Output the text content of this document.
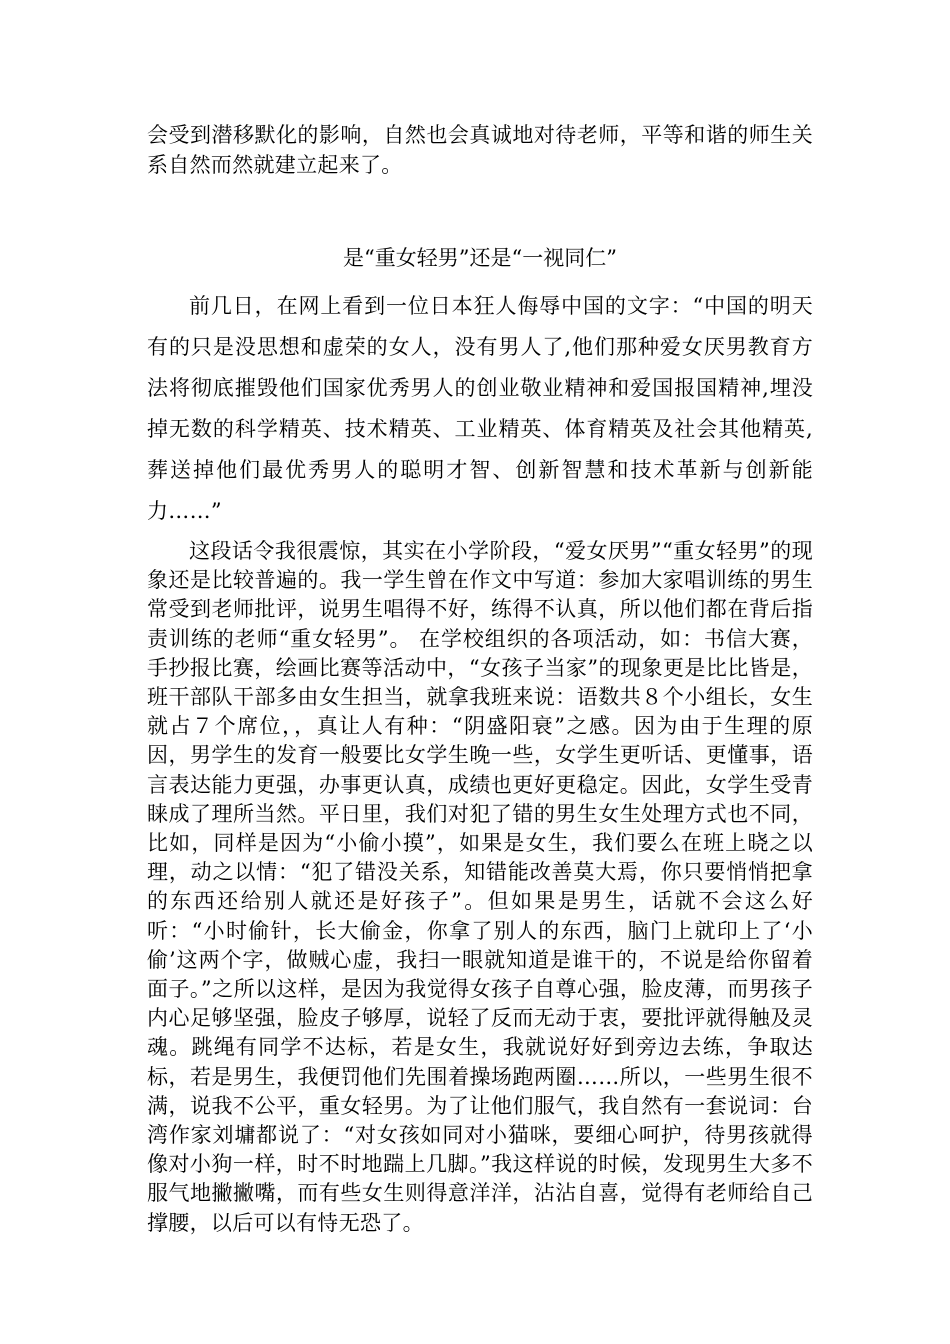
会受到潜移默化的影响，自然也会真诚地对待老师，平等和谐的师生关系自然而然就建立起来了。

是“重女轻男”还是“一视同仁”

前几日，在网上看到一位日本狂人侮辱中国的文字：“中国的明天有的只是没思想和虚荣的女人，没有男人了,他们那种爱女厌男教育方法将彻底摧毁他们国家优秀男人的创业敬业精神和爱国报国精神,埋没掉无数的科学精英、技术精英、工业精英、体育精英及社会其他精英,葬送掉他们最优秀男人的聪明才智、创新智慧和技术革新与创新能力……”

这段话令我很震惊，其实在小学阶段，“爱女厌男”“重女轻男”的现象还是比较普遍的。我一学生曾在作文中写道：参加大家唱训练的男生常受到老师批评，说男生唱得不好，练得不认真，所以他们都在背后指责训练的老师“重女轻男”。 在学校组织的各项活动，如：书信大赛，手抄报比赛，绘画比赛等活动中，“女孩子当家”的现象更是比比皆是，班干部队干部多由女生担当，就拿我班来说：语数共８个小组长，女生就占７个席位，，真让人有种：“阴盛阳衰”之感。因为由于生理的原因，男学生的发育一般要比女学生晚一些，女学生更听话、更懂事，语言表达能力更强，办事更认真，成绩也更好更稳定。因此，女学生受青睐成了理所当然。平日里，我们对犯了错的男生女生处理方式也不同，比如，同样是因为“小偷小摸”，如果是女生，我们要么在班上晓之以理，动之以情：“犯了错没关系，知错能改善莫大焉，你只要悄悄把拿的东西还给别人就还是好孩子”。但如果是男生，话就不会这么好听：“小时偷针，长大偷金，你拿了别人的东西，脑门上就印上了‘小偷’这两个字，做贼心虚，我扫一眼就知道是谁干的，不说是给你留着面子。”之所以这样，是因为我觉得女孩子自尊心强，脸皮薄，而男孩子内心足够坚强，脸皮子够厚，说轻了反而无动于衷，要批评就得触及灵魂。跳绳有同学不达标，若是女生，我就说好好到旁边去练，争取达标，若是男生，我便罚他们先围着操场跑两圈……所以，一些男生很不满，说我不公平，重女轻男。为了让他们服气，我自然有一套说词：台湾作家刘墉都说了：“对女孩如同对小猫咪，要细心呵护，待男孩就得像对小狗一样，时不时地踹上几脚。”我这样说的时候，发现男生大多不服气地撇撇嘴，而有些女生则得意洋洋，沾沾自喜，觉得有老师给自己撑腰，以后可以有恃无恐了。
